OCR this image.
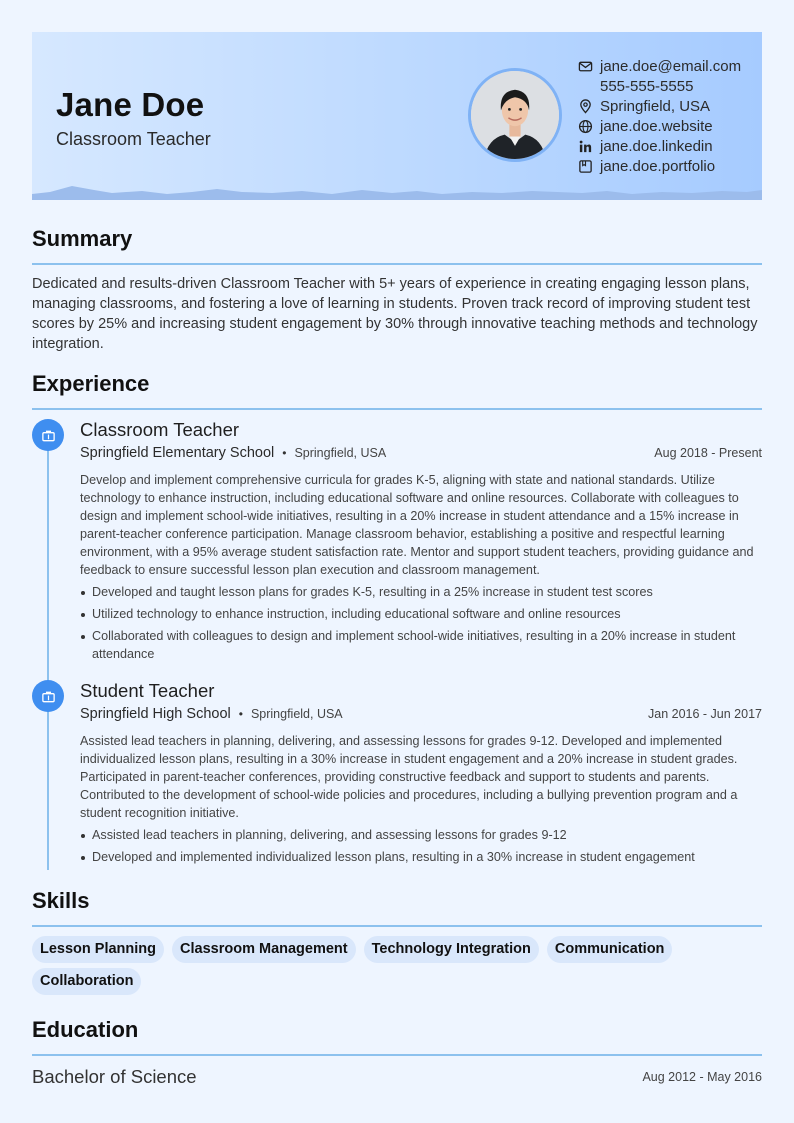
Jane Doe
Classroom Teacher
jane.doe@email.com
555-555-5555
Springfield, USA
jane.doe.website
jane.doe.linkedin
jane.doe.portfolio
Summary
Dedicated and results-driven Classroom Teacher with 5+ years of experience in creating engaging lesson plans, managing classrooms, and fostering a love of learning in students. Proven track record of improving student test scores by 25% and increasing student engagement by 30% through innovative teaching methods and technology integration.
Experience
Classroom Teacher
Springfield Elementary School • Springfield, USA	Aug 2018 - Present
Develop and implement comprehensive curricula for grades K-5, aligning with state and national standards. Utilize technology to enhance instruction, including educational software and online resources. Collaborate with colleagues to design and implement school-wide initiatives, resulting in a 20% increase in student attendance and a 15% increase in parent-teacher conference participation. Manage classroom behavior, establishing a positive and respectful learning environment, with a 95% average student satisfaction rate. Mentor and support student teachers, providing guidance and feedback to ensure successful lesson plan execution and classroom management.
Developed and taught lesson plans for grades K-5, resulting in a 25% increase in student test scores
Utilized technology to enhance instruction, including educational software and online resources
Collaborated with colleagues to design and implement school-wide initiatives, resulting in a 20% increase in student attendance
Student Teacher
Springfield High School • Springfield, USA	Jan 2016 - Jun 2017
Assisted lead teachers in planning, delivering, and assessing lessons for grades 9-12. Developed and implemented individualized lesson plans, resulting in a 30% increase in student engagement and a 20% increase in student grades. Participated in parent-teacher conferences, providing constructive feedback and support to students and parents. Contributed to the development of school-wide policies and procedures, including a bullying prevention program and a student recognition initiative.
Assisted lead teachers in planning, delivering, and assessing lessons for grades 9-12
Developed and implemented individualized lesson plans, resulting in a 30% increase in student engagement
Skills
Lesson Planning	Classroom Management	Technology Integration	Communication
Collaboration
Education
Bachelor of Science	Aug 2012 - May 2016
